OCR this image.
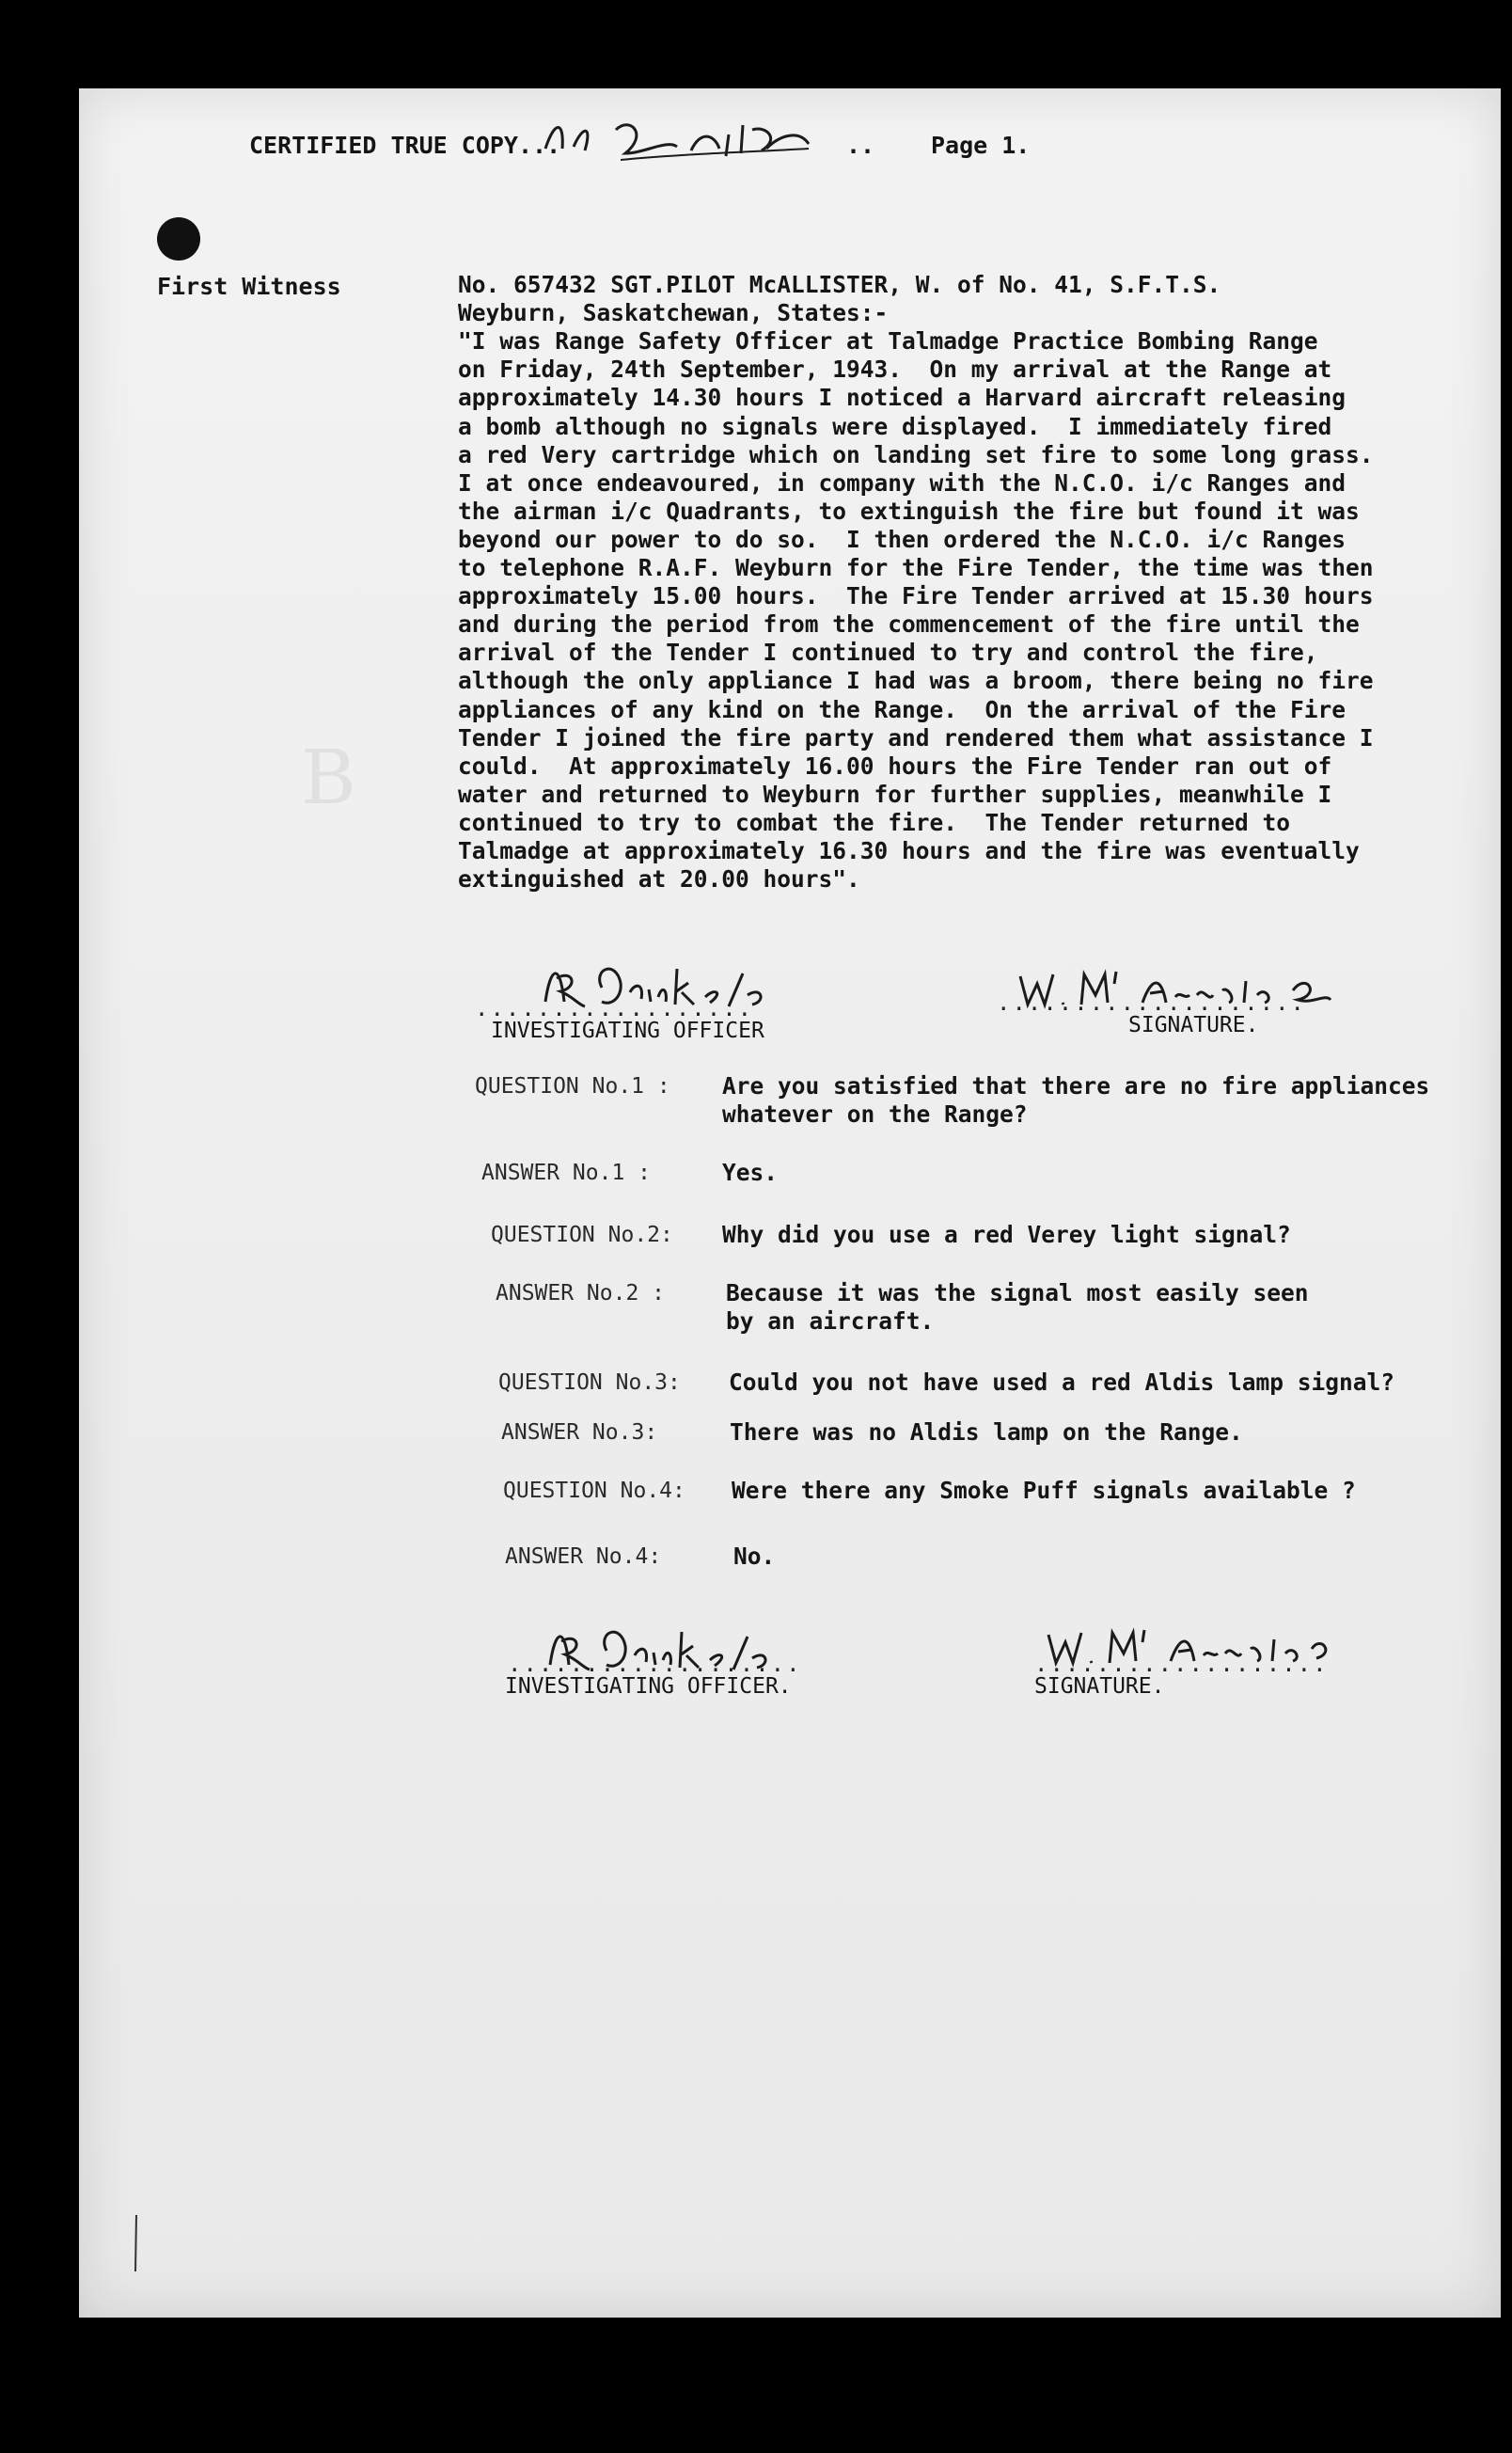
CERTIFIED TRUE COPY...	.. Page 1.
First Witness	No. 657432 SGT.PILOT McALLISTER, W. of No. 41, S.F.T.S.
Weyburn, Saskatchewan, States:-
"I was Range Safety Officer at Talmadge Practice Bombing Range
on Friday, 24th September, 1943.  On my arrival at the Range at
approximately 14.30 hours I noticed a Harvard aircraft releasing
a bomb although no signals were displayed.  I immediately fired
a red Very cartridge which on landing set fire to some long grass.
I at once endeavoured, in company with the N.C.O. i/c Ranges and
the airman i/c Quadrants, to extinguish the fire but found it was
beyond our power to do so.  I then ordered the N.C.O. i/c Ranges
to telephone R.A.F. Weyburn for the Fire Tender, the time was then
approximately 15.00 hours.  The Fire Tender arrived at 15.30 hours
and during the period from the commencement of the fire until the
arrival of the Tender I continued to try and control the fire,
although the only appliance I had was a broom, there being no fire
appliances of any kind on the Range.  On the arrival of the Fire
Tender I joined the fire party and rendered them what assistance I
could.  At approximately 16.00 hours the Fire Tender ran out of
water and returned to Weyburn for further supplies, meanwhile I
continued to try to combat the fire.  The Tender returned to
Talmadge at approximately 16.30 hours and the fire was eventually
extinguished at 20.00 hours".
B
..................	....................
INVESTIGATING OFFICER	SIGNATURE.
QUESTION No.1 : Are you satisfied that there are no fire appliances
whatever on the Range?
ANSWER No.1 :	Yes.
QUESTION No.2: Why did you use a red Verey light signal?
ANSWER No.2 :	Because it was the signal most easily seen
by an aircraft.
QUESTION No.3: Could you not have used a red Aldis lamp signal?
ANSWER No.3:	There was no Aldis lamp on the Range.
QUESTION No.4: Were there any Smoke Puff signals available ?
ANSWER No.4:	No.
...................	...................
INVESTIGATING OFFICER.	SIGNATURE.
